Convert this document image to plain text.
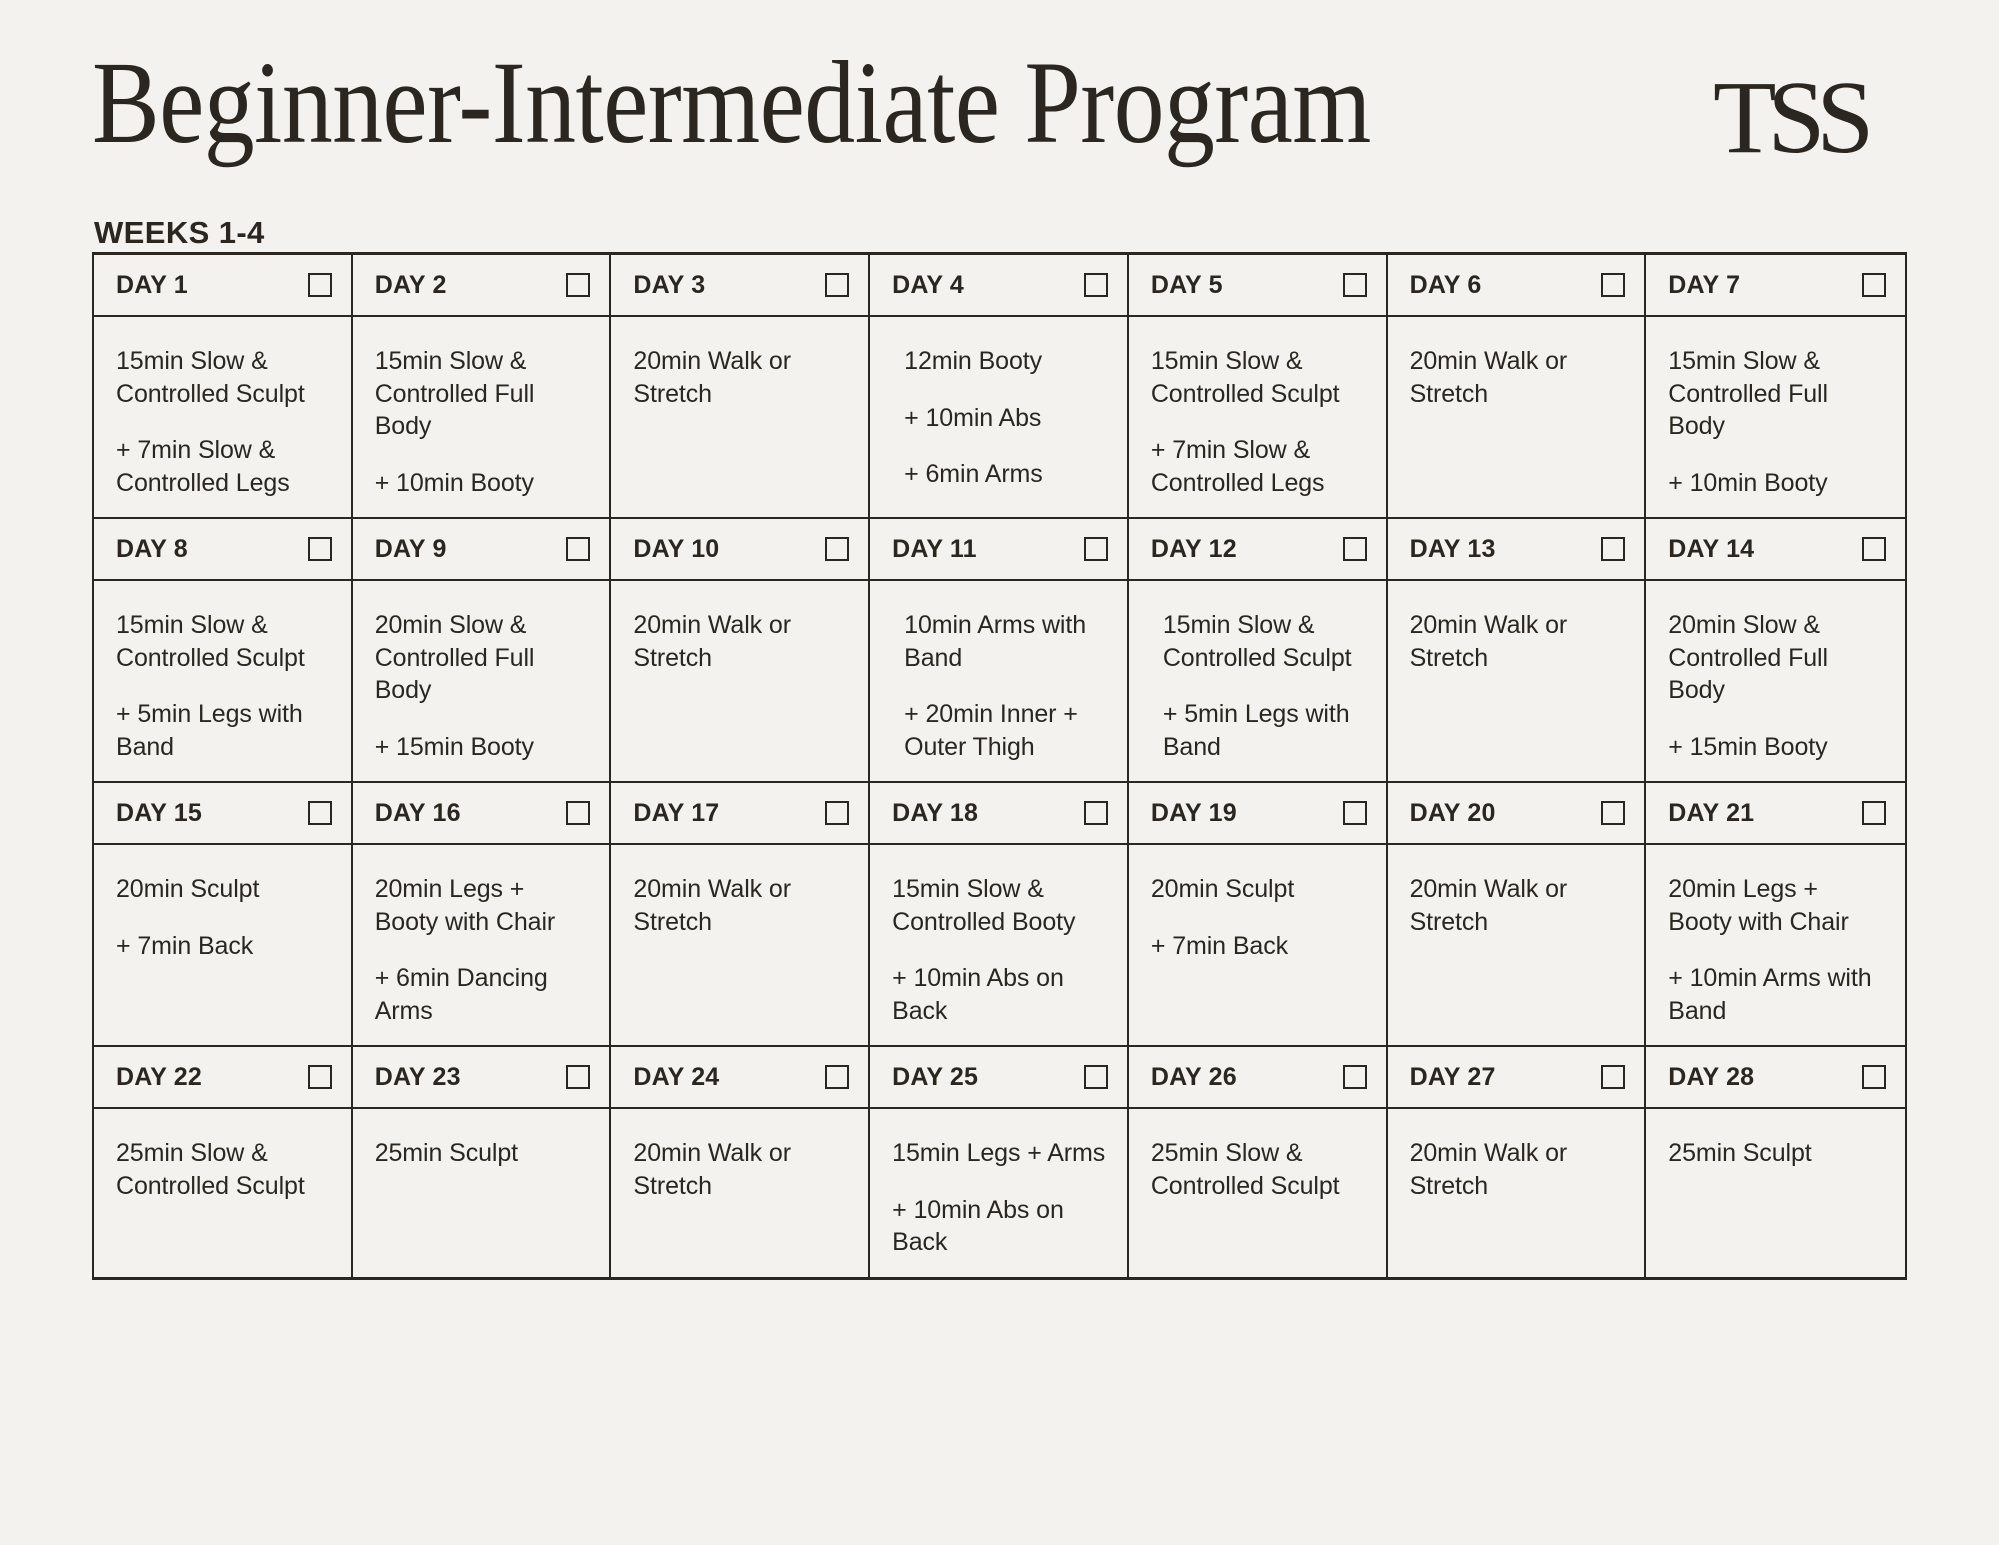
Beginner-Intermediate Program
WEEKS 1-4
TSS
DAY 1

15min Slow & Controlled Sculpt

+ 7min Slow & Controlled Legs

DAY 2

15min Slow & Controlled Full Body

+ 10min Booty

DAY 3

20min Walk or Stretch

DAY 4

12min Booty

+ 10min Abs

+ 6min Arms

DAY 5

15min Slow & Controlled Sculpt

+ 7min Slow & Controlled Legs

DAY 6

20min Walk or Stretch

DAY 7

15min Slow & Controlled Full Body

+ 10min Booty

DAY 8

15min Slow & Controlled Sculpt

+ 5min Legs with Band

DAY 9

20min Slow & Controlled Full Body

+ 15min Booty

DAY 10

20min Walk or Stretch

DAY 11

10min Arms with Band

+ 20min Inner + Outer Thigh

DAY 12

15min Slow & Controlled Sculpt

+ 5min Legs with Band

DAY 13

20min Walk or Stretch

DAY 14

20min Slow & Controlled Full Body

+ 15min Booty

DAY 15

20min Sculpt

+ 7min Back

DAY 16

20min Legs + Booty with Chair

+ 6min Dancing Arms

DAY 17

20min Walk or Stretch

DAY 18

15min Slow & Controlled Booty

+ 10min Abs on Back

DAY 19

20min Sculpt

+ 7min Back

DAY 20

20min Walk or Stretch

DAY 21

20min Legs + Booty with Chair

+ 10min Arms with Band

DAY 22

25min Slow & Controlled Sculpt

DAY 23

25min Sculpt

DAY 24

20min Walk or Stretch

DAY 25

15min Legs + Arms

+ 10min Abs on Back

DAY 26

25min Slow & Controlled Sculpt

DAY 27

20min Walk or Stretch

DAY 28

25min Sculpt
